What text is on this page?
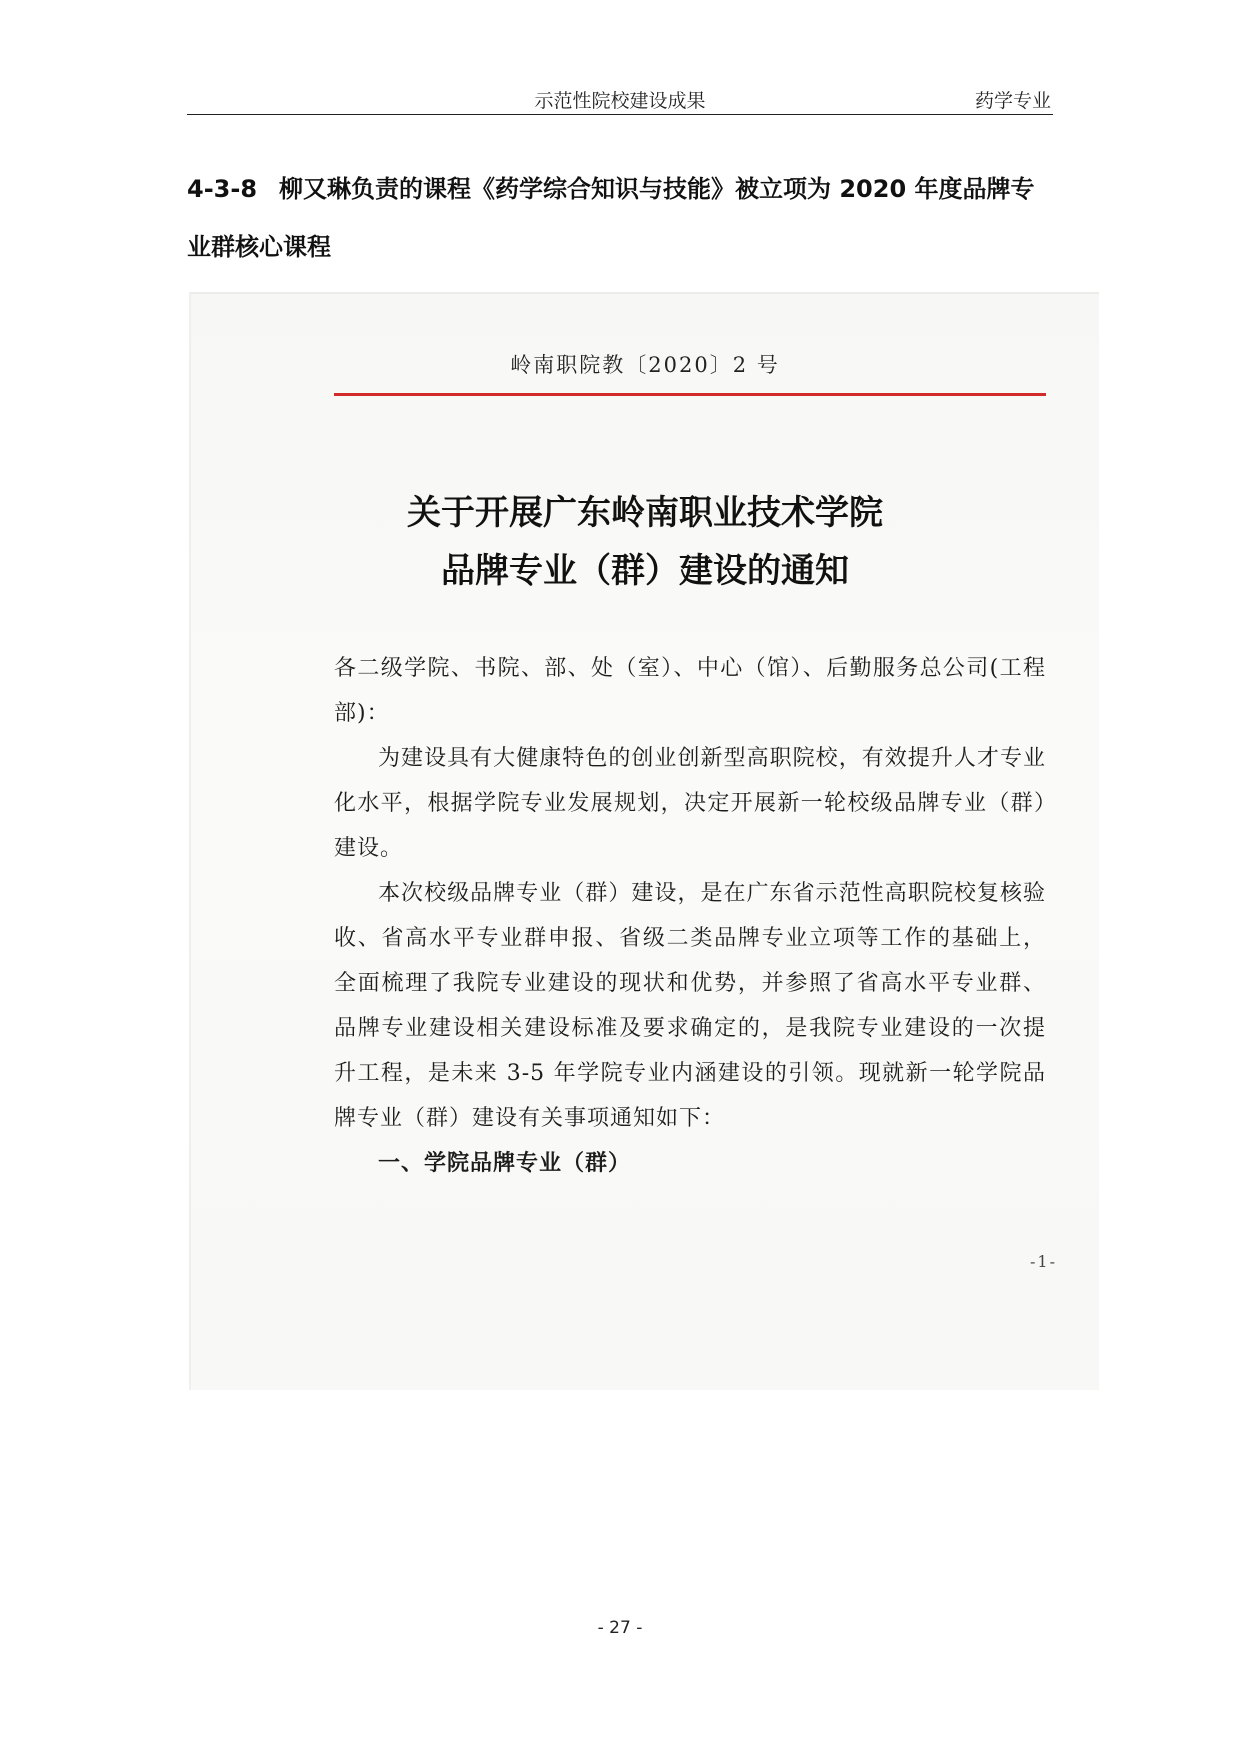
示范性院校建设成果	药学专业
4-3-8 柳又琳负责的课程《药学综合知识与技能》被立项为 2020 年度品牌专
业群核心课程
岭南职院教〔2020〕2 号
关于开展广东岭南职业技术学院
品牌专业（群）建设的通知

各二级学院、书院、部、处（室）、中心（馆）、后勤服务总公司(工程部)：

为建设具有大健康特色的创业创新型高职院校，有效提升人才专业化水平，根据学院专业发展规划，决定开展新一轮校级品牌专业（群）建设。

本次校级品牌专业（群）建设，是在广东省示范性高职院校复核验收、省高水平专业群申报、省级二类品牌专业立项等工作的基础上，全面梳理了我院专业建设的现状和优势，并参照了省高水平专业群、品牌专业建设相关建设标准及要求确定的，是我院专业建设的一次提升工程，是未来 3-5 年学院专业内涵建设的引领。现就新一轮学院品牌专业（群）建设有关事项通知如下：

一、学院品牌专业（群）

-1-
- 27 -
